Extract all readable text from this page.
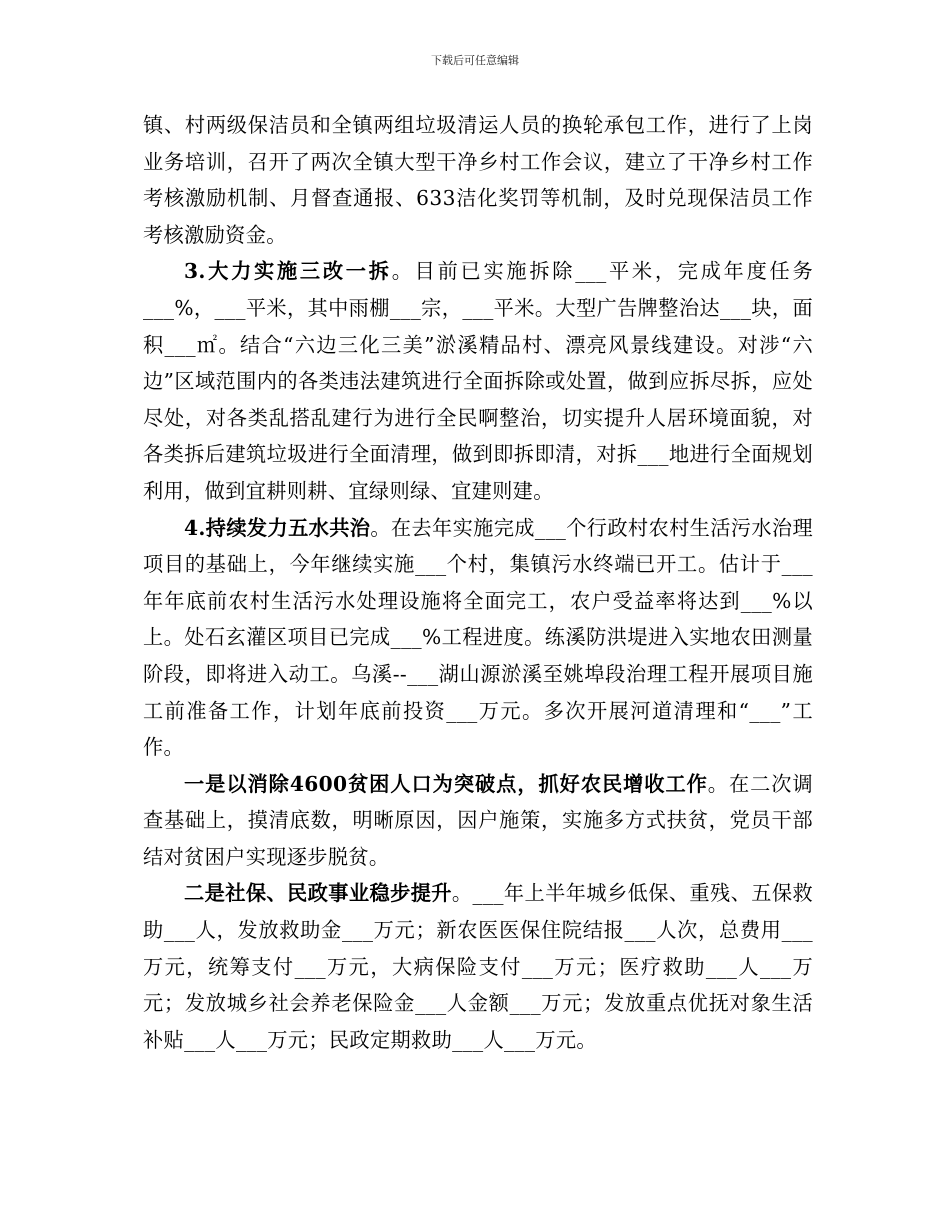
下载后可任意编辑

镇、村两级保洁员和全镇两组垃圾清运人员的换轮承包工作，进行了上岗业务培训，召开了两次全镇大型干净乡村工作会议，建立了干净乡村工作考核激励机制、月督查通报、633洁化奖罚等机制，及时兑现保洁员工作考核激励资金。

3.大力实施三改一拆。目前已实施拆除___平米，完成年度任务___%，___平米，其中雨棚___宗，___平米。大型广告牌整治达___块，面积___㎡。结合“六边三化三美”淤溪精品村、漂亮风景线建设。对涉“六边”区域范围内的各类违法建筑进行全面拆除或处置，做到应拆尽拆，应处尽处，对各类乱搭乱建行为进行全民啊整治，切实提升人居环境面貌，对各类拆后建筑垃圾进行全面清理，做到即拆即清，对拆___地进行全面规划利用，做到宜耕则耕、宜绿则绿、宜建则建。

4.持续发力五水共治。在去年实施完成___个行政村农村生活污水治理项目的基础上，今年继续实施___个村，集镇污水终端已开工。估计于___年年底前农村生活污水处理设施将全面完工，农户受益率将达到___%以上。处石玄灌区项目已完成___%工程进度。练溪防洪堤进入实地农田测量阶段，即将进入动工。乌溪--___湖山源淤溪至姚埠段治理工程开展项目施工前准备工作，计划年底前投资___万元。多次开展河道清理和“___”工作。

一是以消除4600贫困人口为突破点，抓好农民增收工作。在二次调查基础上，摸清底数，明晰原因，因户施策，实施多方式扶贫，党员干部结对贫困户实现逐步脱贫。

二是社保、民政事业稳步提升。___年上半年城乡低保、重残、五保救助___人，发放救助金___万元；新农医医保住院结报___人次，总费用___万元，统筹支付___万元，大病保险支付___万元；医疗救助___人___万元；发放城乡社会养老保险金___人金额___万元；发放重点优抚对象生活补贴___人___万元；民政定期救助___人___万元。
